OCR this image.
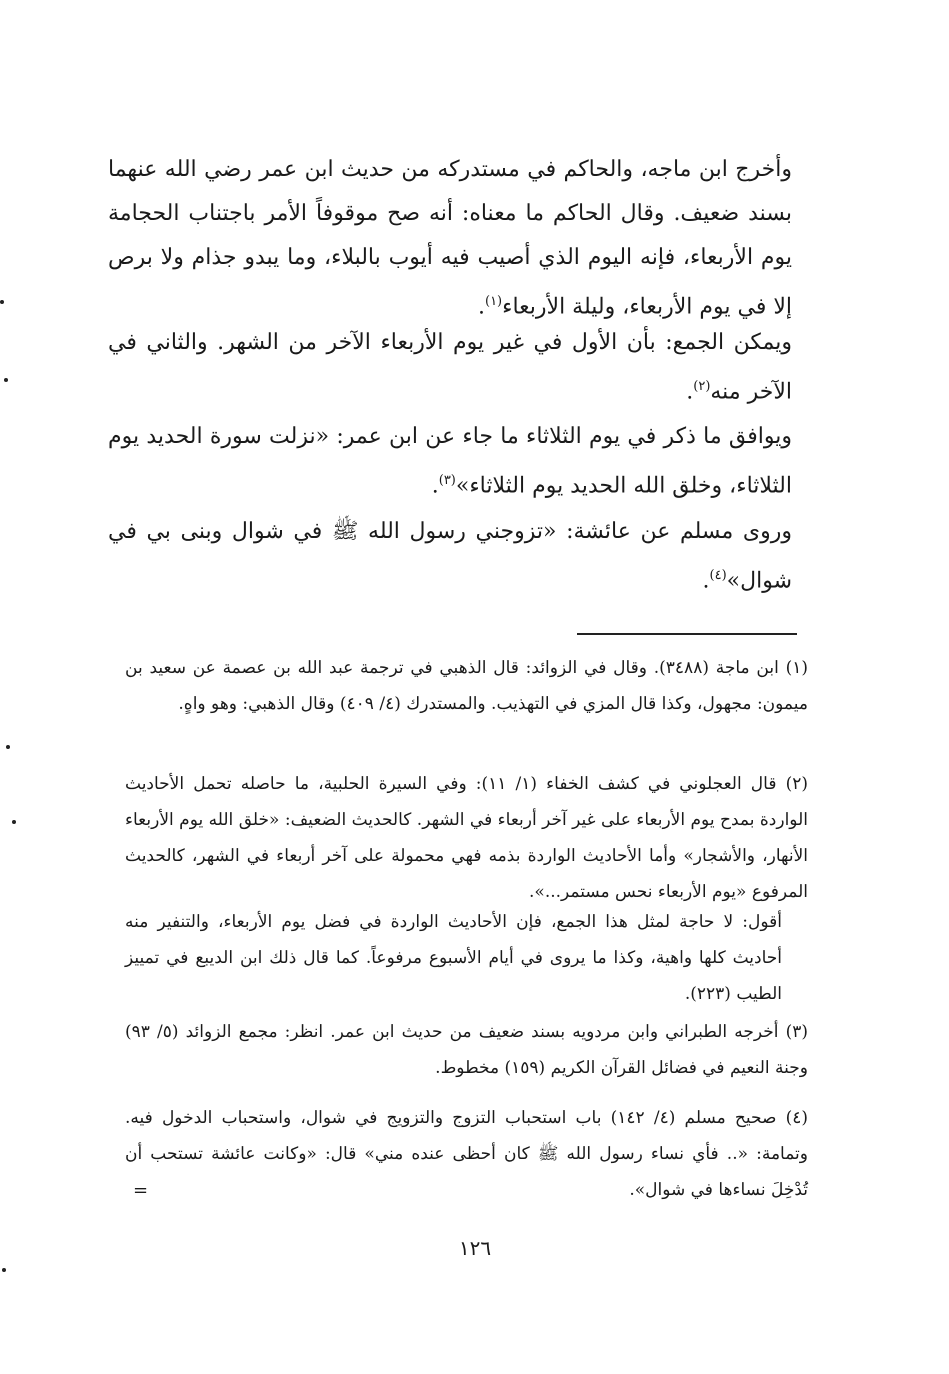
وأخرج ابن ماجه، والحاكم في مستدركه من حديث ابن عمر رضي الله عنهما بسند ضعيف. وقال الحاكم ما معناه: أنه صح موقوفاً الأمر باجتناب الحجامة يوم الأربعاء، فإنه اليوم الذي أصيب فيه أيوب بالبلاء، وما يبدو جذام ولا برص إلا في يوم الأربعاء، وليلة الأربعاء$^{(١)}$.

ويمكن الجمع: بأن الأول في غير يوم الأربعاء الآخر من الشهر. والثاني في الآخر منه$^{(٢)}$.

ويوافق ما ذكر في يوم الثلاثاء ما جاء عن ابن عمر: «نزلت سورة الحديد يوم الثلاثاء، وخلق الله الحديد يوم الثلاثاء»$^{(٣)}$.

وروى مسلم عن عائشة: «تزوجني رسول الله ﷺ في شوال وبنى بي في شوال»$^{(٤)}$.

(١) ابن ماجة (٣٤٨٨). وقال في الزوائد: قال الذهبي في ترجمة عبد الله بن عصمة عن سعيد بن ميمون: مجهول، وكذا قال المزي في التهذيب. والمستدرك (٤/ ٤٠٩) وقال الذهبي: وهو واهٍ.

(٢) قال العجلوني في كشف الخفاء (١/ ١١): وفي السيرة الحلبية، ما حاصله تحمل الأحاديث الواردة بمدح يوم الأربعاء على غير آخر أربعاء في الشهر. كالحديث الضعيف: «خلق الله يوم الأربعاء الأنهار، والأشجار» وأما الأحاديث الواردة بذمه فهي محمولة على آخر أربعاء في الشهر، كالحديث المرفوع «يوم الأربعاء نحس مستمر...».

أقول: لا حاجة لمثل هذا الجمع، فإن الأحاديث الواردة في فضل يوم الأربعاء، والتنفير منه أحاديث كلها واهية، وكذا ما يروى في أيام الأسبوع مرفوعاً. كما قال ذلك ابن الديبع في تمييز الطيب (٢٢٣).

(٣) أخرجه الطبراني وابن مردويه بسند ضعيف من حديث ابن عمر. انظر: مجمع الزوائد (٥/ ٩٣) وجنة النعيم في فضائل القرآن الكريم (١٥٩) مخطوط.

(٤) صحيح مسلم (٤/ ١٤٢) باب استحباب التزوج والتزويج في شوال، واستحباب الدخول فيه. وتمامة: «.. فأي نساء رسول الله ﷺ كان أحظى عنده مني» قال: «وكانت عائشة تستحب أن تُدْخِلَ نساءها في شوال».

=
١٢٦
